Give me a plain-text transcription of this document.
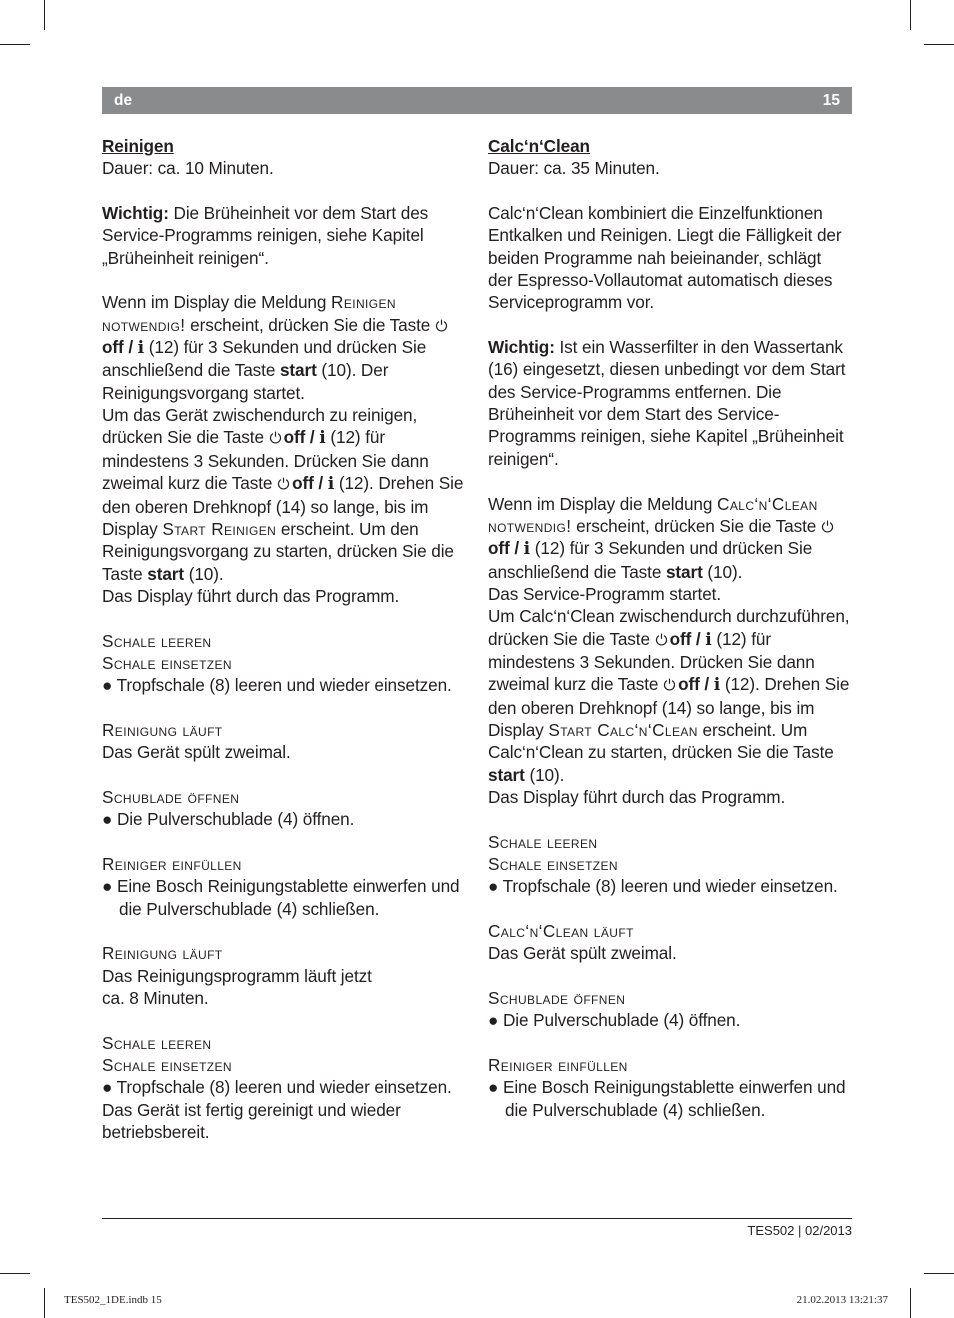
de	15

Reinigen

Dauer: ca. 10 Minuten.

Wichtig: Die Brüheinheit vor dem Start des Service-Programms reinigen, siehe Kapitel „Brüheinheit reinigen“.

Wenn im Display die Meldung Reinigen notwendig! erscheint, drücken Sie die Taste
off / i (12) für 3 Sekunden und drücken Sie anschließend die Taste start (10). Der Reinigungsvorgang startet.

Um das Gerät zwischendurch zu reinigen, drücken Sie die Taste
off / i (12) für mindestens 3 Sekunden. Drücken Sie dann zweimal kurz die Taste
off / i (12). Drehen Sie den oberen Drehknopf (14) so lange, bis im Display Start Reinigen erscheint. Um den Reinigungsvorgang zu starten, drücken Sie die Taste start (10).

Das Display führt durch das Programm.

Schale leeren

Schale einsetzen

● Tropfschale (8) leeren und wieder einsetzen.

Reinigung läuft

Das Gerät spült zweimal.

Schublade öffnen

● Die Pulverschublade (4) öffnen.

Reiniger einfüllen

● Eine Bosch Reinigungstablette einwerfen und die Pulverschublade (4) schließen.

Reinigung läuft

Das Reinigungsprogramm läuft jetzt

ca. 8 Minuten.

Schale leeren

Schale einsetzen

● Tropfschale (8) leeren und wieder einsetzen.

Das Gerät ist fertig gereinigt und wieder betriebsbereit.

Calc‘n‘Clean

Dauer: ca. 35 Minuten.

Calc‘n‘Clean kombiniert die Einzelfunktionen Entkalken und Reinigen. Liegt die Fälligkeit der beiden Programme nah beieinander, schlägt der Espresso-Vollautomat automatisch dieses Serviceprogramm vor.

Wichtig: Ist ein Wasserfilter in den Wassertank (16) eingesetzt, diesen unbedingt vor dem Start des Service-Programms entfernen. Die Brüheinheit vor dem Start des Service-Programms reinigen, siehe Kapitel „Brüheinheit reinigen“.

Wenn im Display die Meldung Calc‘n‘Clean notwendig! erscheint, drücken Sie die Taste
off / i (12) für 3 Sekunden und drücken Sie anschließend die Taste start (10).

Das Service-Programm startet.

Um Calc‘n‘Clean zwischendurch durchzuführen, drücken Sie die Taste
off / i (12) für mindestens 3 Sekunden. Drücken Sie dann zweimal kurz die Taste
off / i (12). Drehen Sie den oberen Drehknopf (14) so lange, bis im Display Start Calc‘n‘Clean erscheint. Um Calc‘n‘Clean zu starten, drücken Sie die Taste start (10).

Das Display führt durch das Programm.

Schale leeren

Schale einsetzen

● Tropfschale (8) leeren und wieder einsetzen.

Calc‘n‘Clean läuft

Das Gerät spült zweimal.

Schublade öffnen

● Die Pulverschublade (4) öffnen.

Reiniger einfüllen

● Eine Bosch Reinigungstablette einwerfen und die Pulverschublade (4) schließen.

TES502 | 02/2013
TES502_1DE.indb 15	21.02.2013 13:21:37
